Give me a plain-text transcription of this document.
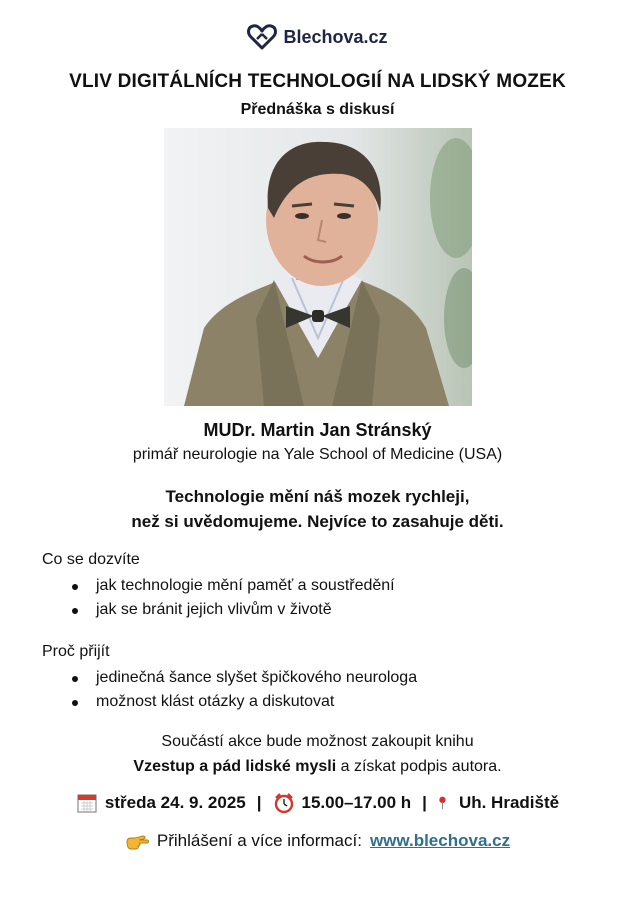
Blechova.cz
VLIV DIGITÁLNÍCH TECHNOLOGIÍ NA LIDSKÝ MOZEK
Přednáška s diskusí
MUDr. Martin Jan Stránský
primář neurologie na Yale School of Medicine (USA)
Technologie mění náš mozek rychleji,
než si uvědomujeme. Nejvíce to zasahuje děti.
Co se dozvíte
jak technologie mění paměť a soustředění
jak se bránit jejich vlivům v životě
Proč přijít
jedinečná šance slyšet špičkového neurologa
možnost klást otázky a diskutovat
Součástí akce bude možnost zakoupit knihu
Vzestup a pád lidské mysli a získat podpis autora.
středa 24. 9. 2025 | 15.00–17.00 h | Uh. Hradiště
Přihlášení a více informací: www.blechova.cz
